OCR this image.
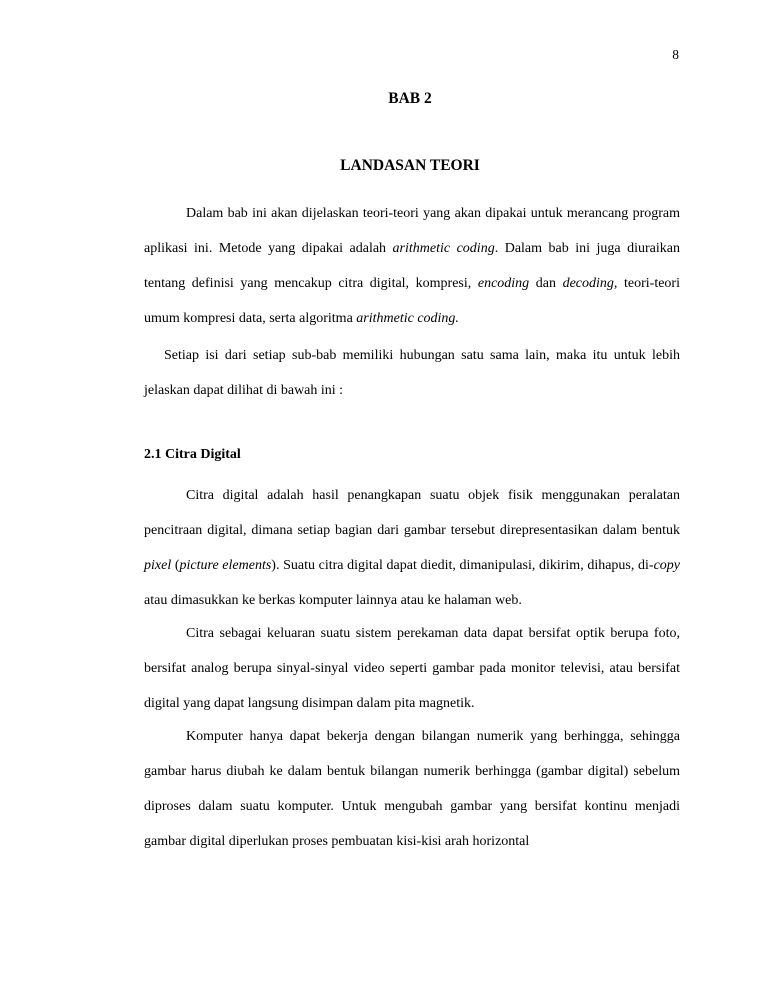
8

BAB 2
LANDASAN TEORI

Dalam bab ini akan dijelaskan teori-teori yang akan dipakai untuk merancang program aplikasi ini. Metode yang dipakai adalah arithmetic coding. Dalam bab ini juga diuraikan tentang definisi yang mencakup citra digital, kompresi, encoding dan decoding, teori-teori umum kompresi data, serta algoritma arithmetic coding.

Setiap isi dari setiap sub-bab memiliki hubungan satu sama lain, maka itu untuk lebih jelaskan dapat dilihat di bawah ini :

2.1 Citra Digital

Citra digital adalah hasil penangkapan suatu objek fisik menggunakan peralatan pencitraan digital, dimana setiap bagian dari gambar tersebut direpresentasikan dalam bentuk pixel (picture elements). Suatu citra digital dapat diedit, dimanipulasi, dikirim, dihapus, di-copy atau dimasukkan ke berkas komputer lainnya atau ke halaman web.

Citra sebagai keluaran suatu sistem perekaman data dapat bersifat optik berupa foto, bersifat analog berupa sinyal-sinyal video seperti gambar pada monitor televisi, atau bersifat digital yang dapat langsung disimpan dalam pita magnetik.

Komputer hanya dapat bekerja dengan bilangan numerik yang berhingga, sehingga gambar harus diubah ke dalam bentuk bilangan numerik berhingga (gambar digital) sebelum diproses dalam suatu komputer. Untuk mengubah gambar yang bersifat kontinu menjadi gambar digital diperlukan proses pembuatan kisi-kisi arah horizontal
